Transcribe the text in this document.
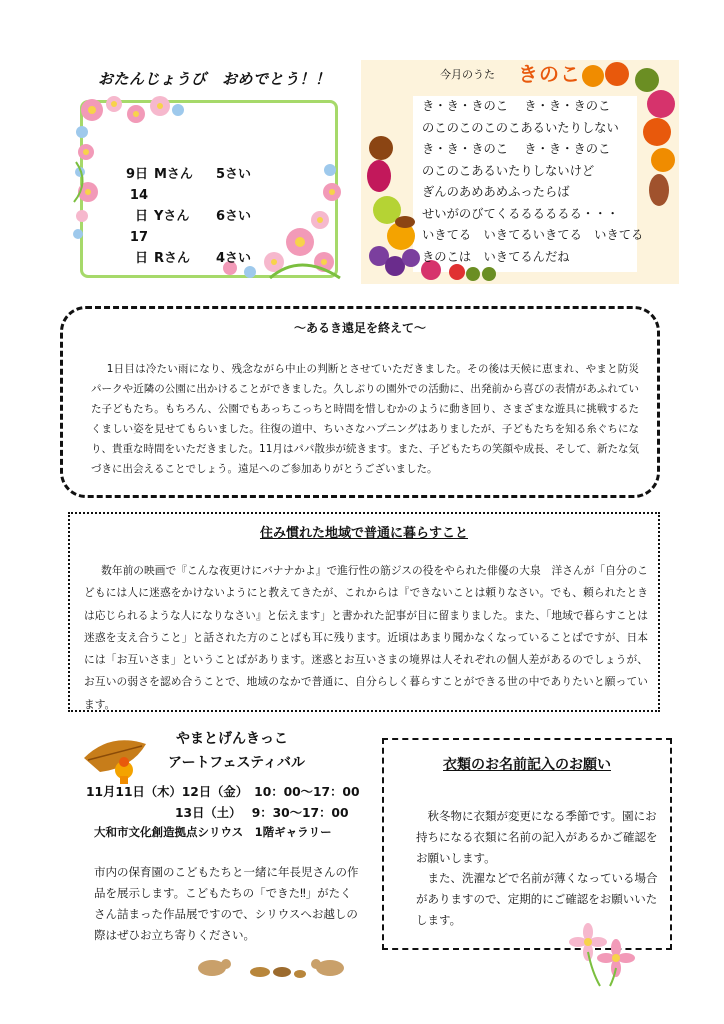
おたんじょうび　おめでとう！！
9日 Mさん 5さい
14日 Yさん 6さい
17日 Rさん 4さい
今月のうた きのこ
き・き・きのこ　 き・き・きのこ
のこのこのこのこあるいたりしない
き・き・きのこ　 き・き・きのこ
のこのこあるいたりしないけど
ぎんのあめあめふったらば
せいがのびてくるるるるるる・・・
いきてる　いきてるいきてる　いきてる
きのこは　いきてるんだね
～あるき遠足を終えて～
1日目は冷たい雨になり、残念ながら中止の判断とさせていただきました。その後は天候に恵まれ、やまと防災パークや近隣の公園に出かけることができました。久しぶりの園外での活動に、出発前から喜びの表情があふれていた子どもたち。もちろん、公園でもあっちこっちと時間を惜しむかのように動き回り、さまざまな遊具に挑戦するたくましい姿を見せてもらいました。往復の道中、ちいさなハプニングはありましたが、子どもたちを知る糸ぐちになり、貴重な時間をいただきました。11月はパパ散歩が続きます。また、子どもたちの笑顔や成長、そして、新たな気づきに出会えることでしょう。遠足へのご参加ありがとうございました。
住み慣れた地域で普通に暮らすこと
数年前の映画で『こんな夜更けにバナナかよ』で進行性の筋ジスの役をやられた俳優の大泉　洋さんが「自分のこどもには人に迷惑をかけないようにと教えてきたが、これからは『できないことは頼りなさい。でも、頼られたときは応じられるような人になりなさい』と伝えます」と書かれた記事が目に留まりました。また、「地域で暮らすことは迷惑を支え合うこと」と話された方のことばも耳に残ります。近頃はあまり聞かなくなっていることばですが、日本には「お互いさま」ということばがあります。迷惑とお互いさまの境界は人それぞれの個人差があるのでしょうが、お互いの弱さを認め合うことで、地域のなかで普通に、自分らしく暮らすことができる世の中でありたいと願っています。
やまとげんきっこ
アートフェスティバル
11月11日（木）12日（金）　10：00～17：00
13日（土）　 9：30～17：00
大和市文化創造拠点シリウス　1階ギャラリー
市内の保育園のこどもたちと一緒に年長児さんの作品を展示します。こどもたちの「できた‼」がたくさん詰まった作品展ですので、シリウスへお越しの際はぜひお立ち寄りください。
衣類のお名前記入のお願い

秋冬物に衣類が変更になる季節です。園にお持ちになる衣類に名前の記入があるかご確認をお願いします。

また、洗濯などで名前が薄くなっている場合がありますので、定期的にご確認をお願いいたします。
